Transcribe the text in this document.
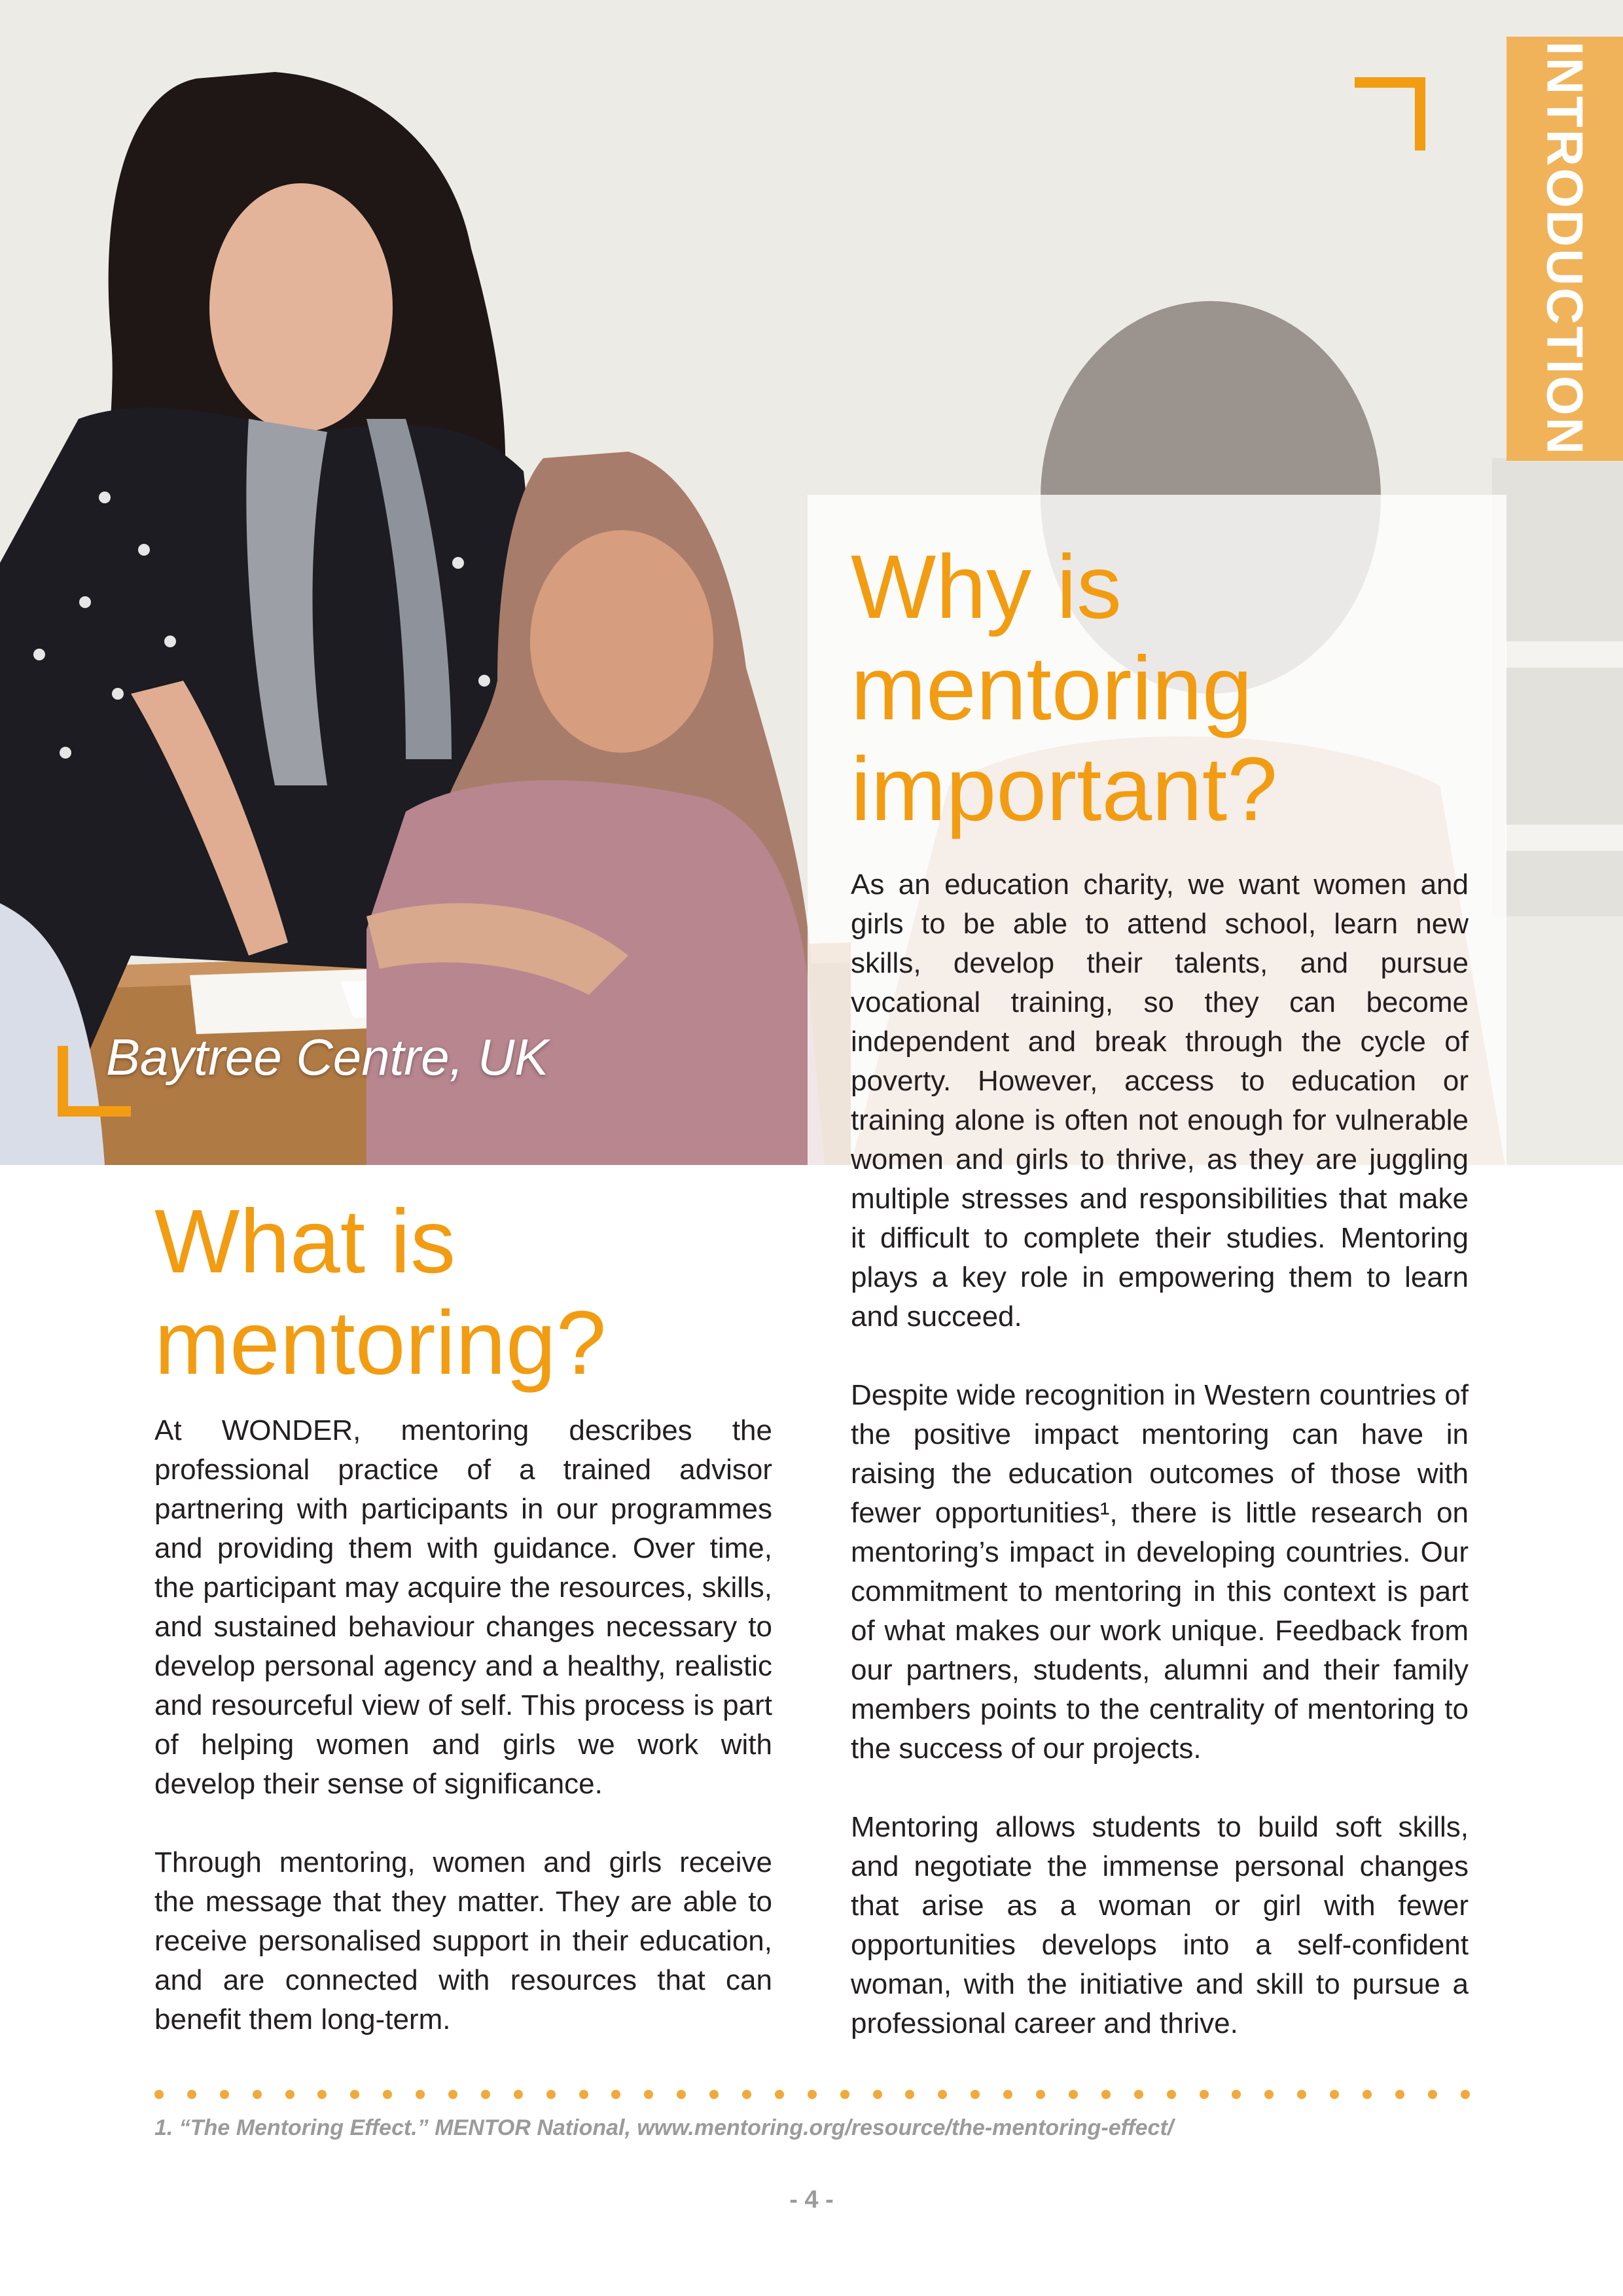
INTRODUCTION
Baytree Centre, UK
Why is mentoring important?

As an education charity, we want women and girls to be able to attend school, learn new skills, develop their talents, and pursue vocational training, so they can become independent and break through the cycle of poverty. However, access to education or training alone is often not enough for vulnerable women and girls to thrive, as they are juggling multiple stresses and responsibilities that make it difficult to complete their studies. Mentoring plays a key role in empowering them to learn and succeed.

Despite wide recognition in Western countries of the positive impact mentoring can have in raising the education outcomes of those with fewer opportunities¹, there is little research on mentoring’s impact in developing countries. Our commitment to mentoring in this context is part of what makes our work unique. Feedback from our partners, students, alumni and their family members points to the centrality of mentoring to the success of our projects.

Mentoring allows students to build soft skills, and negotiate the immense personal changes that arise as a woman or girl with fewer opportunities develops into a self-confident woman, with the initiative and skill to pursue a professional career and thrive.

What is mentoring?

At WONDER, mentoring describes the professional practice of a trained advisor partnering with participants in our programmes and providing them with guidance. Over time, the participant may acquire the resources, skills, and sustained behaviour changes necessary to develop personal agency and a healthy, realistic and resourceful view of self. This process is part of helping women and girls we work with develop their sense of significance.

Through mentoring, women and girls receive the message that they matter. They are able to receive personalised support in their education, and are connected with resources that can benefit them long-term.

1. “The Mentoring Effect.” MENTOR National, www.mentoring.org/resource/the-mentoring-effect/
- 4 -
